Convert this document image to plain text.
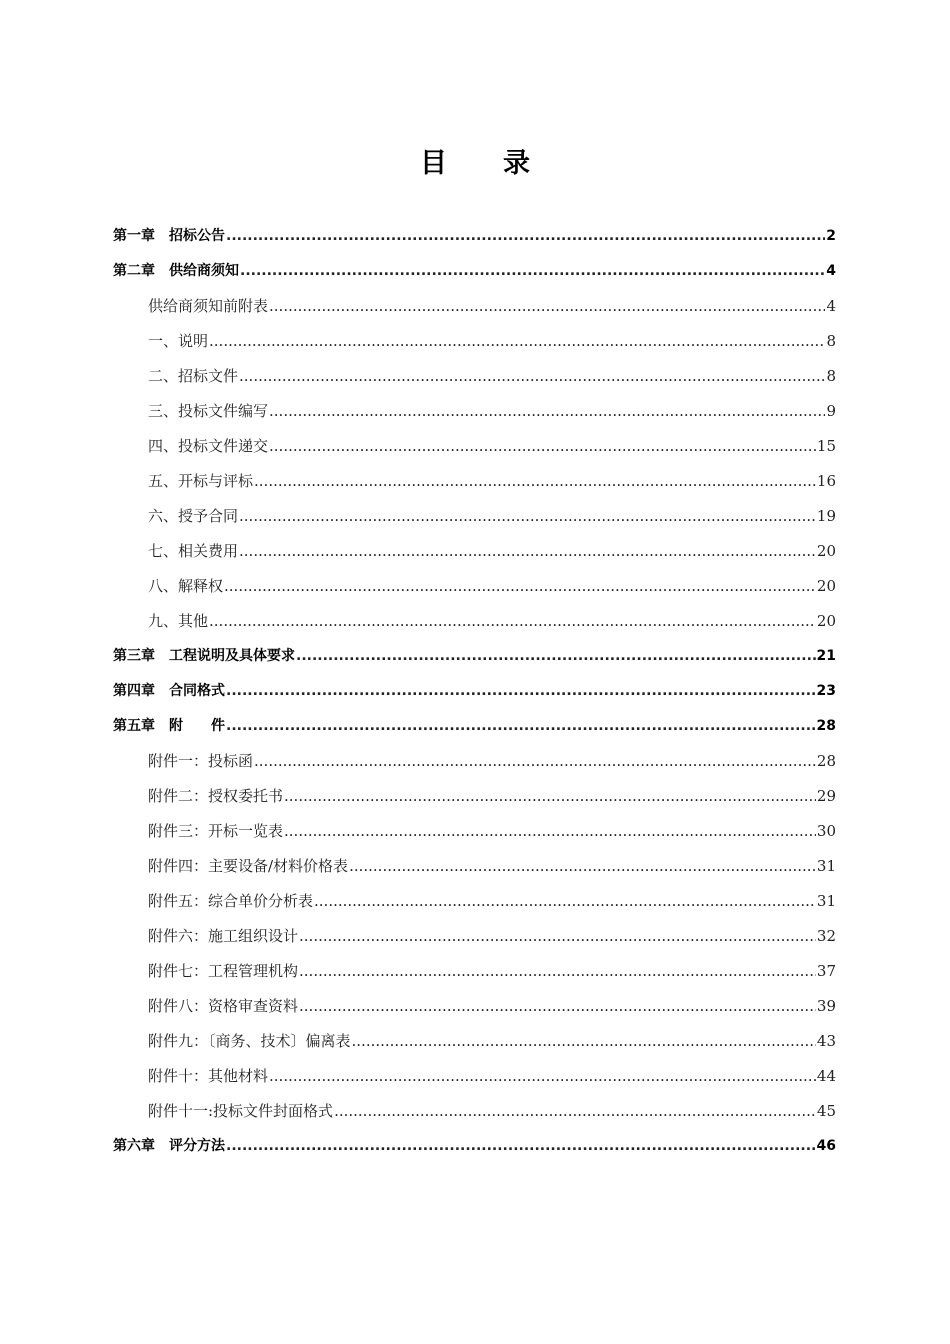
目录
第一章　招标公告 .....	2
第二章　供给商须知 .....	4
供给商须知前附表 .....	4
一、说明 .....	8
二、招标文件 .....	8
三、投标文件编写 .....	9
四、投标文件递交 .....	15
五、开标与评标 .....	16
六、授予合同 .....	19
七、相关费用 .....	20
八、解释权 .....	20
九、其他 .....	20
第三章　工程说明及具体要求 .....	21
第四章　合同格式 .....	23
第五章　附　　件 .....	28
附件一：投标函 .....	28
附件二：授权委托书 .....	29
附件三：开标一览表 .....	30
附件四：主要设备/材料价格表 .....	31
附件五：综合单价分析表 .....	31
附件六：施工组织设计 .....	32
附件七：工程管理机构 .....	37
附件八：资格审查资料 .....	39
附件九：〔商务、技术〕偏离表 .....	43
附件十：其他材料 .....	44
附件十一:投标文件封面格式 .....	45
第六章　评分方法 .....	46
